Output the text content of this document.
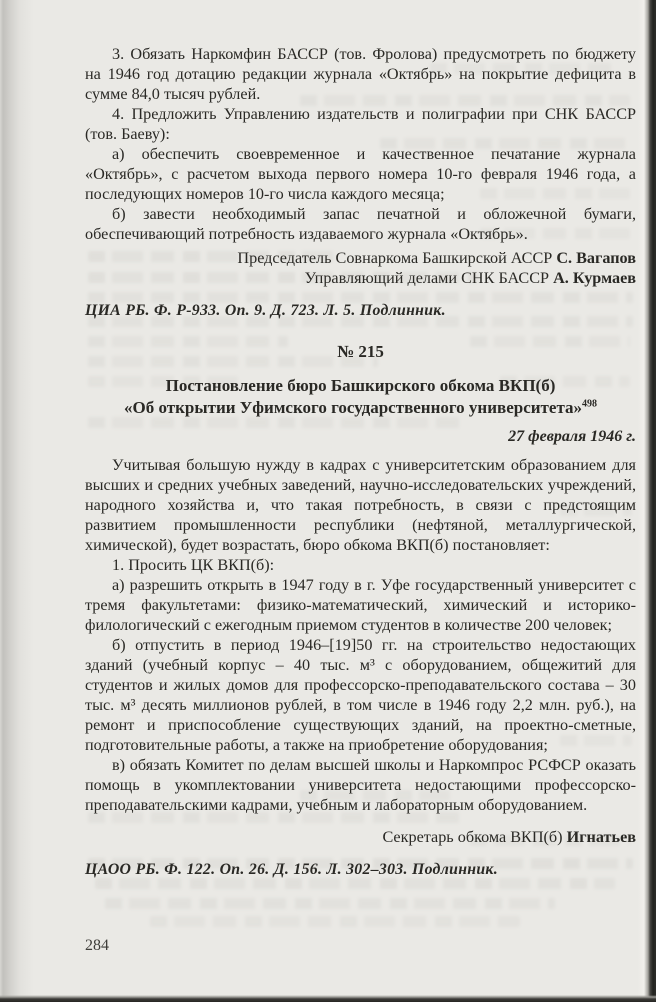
3. Обязать Наркомфин БАССР (тов. Фролова) предусмотреть по бюджету на 1946 год дотацию редакции журнала «Октябрь» на покрытие дефицита в сумме 84,0 тысяч рублей.

4. Предложить Управлению издательств и полиграфии при СНК БАССР (тов. Баеву):

а) обеспечить своевременное и качественное печатание журнала «Октябрь», с расчетом выхода первого номера 10-го февраля 1946 года, а последующих номеров 10-го числа каждого месяца;

б) завести необходимый запас печатной и обложечной бумаги, обеспечивающий потребность издаваемого журнала «Октябрь».

Председатель Совнаркома Башкирской АССР С. Вагапов
Управляющий делами СНК БАССР А. Курмаев

ЦИА РБ. Ф. Р-933. Оп. 9. Д. 723. Л. 5. Подлинник.

№ 215

Постановление бюро Башкирского обкома ВКП(б)
«Об открытии Уфимского государственного университета»$^{498}$

27 февраля 1946 г.

Учитывая большую нужду в кадрах с университетским образованием для высших и средних учебных заведений, научно-исследовательских учреждений, народного хозяйства и, что такая потребность, в связи с предстоящим развитием промышленности республики (нефтяной, металлургической, химической), будет возрастать, бюро обкома ВКП(б) постановляет:

1. Просить ЦК ВКП(б):

а) разрешить открыть в 1947 году в г. Уфе государственный университет с тремя факультетами: физико-математический, химический и историко-филологический с ежегодным приемом студентов в количестве 200 человек;

б) отпустить в период 1946–[19]50 гг. на строительство недостающих зданий (учебный корпус – 40 тыс. м³ с оборудованием, общежитий для студентов и жилых домов для профессорско-преподавательского состава – 30 тыс. м³ десять миллионов рублей, в том числе в 1946 году 2,2 млн. руб.), на ремонт и приспособление существующих зданий, на проектно-сметные, подготовительные работы, а также на приобретение оборудования;

в) обязать Комитет по делам высшей школы и Наркомпрос РСФСР оказать помощь в укомплектовании университета недостающими профессорско-преподавательскими кадрами, учебным и лабораторным оборудованием.

Секретарь обкома ВКП(б) Игнатьев

ЦАОО РБ. Ф. 122. Оп. 26. Д. 156. Л. 302–303. Подлинник.

284
